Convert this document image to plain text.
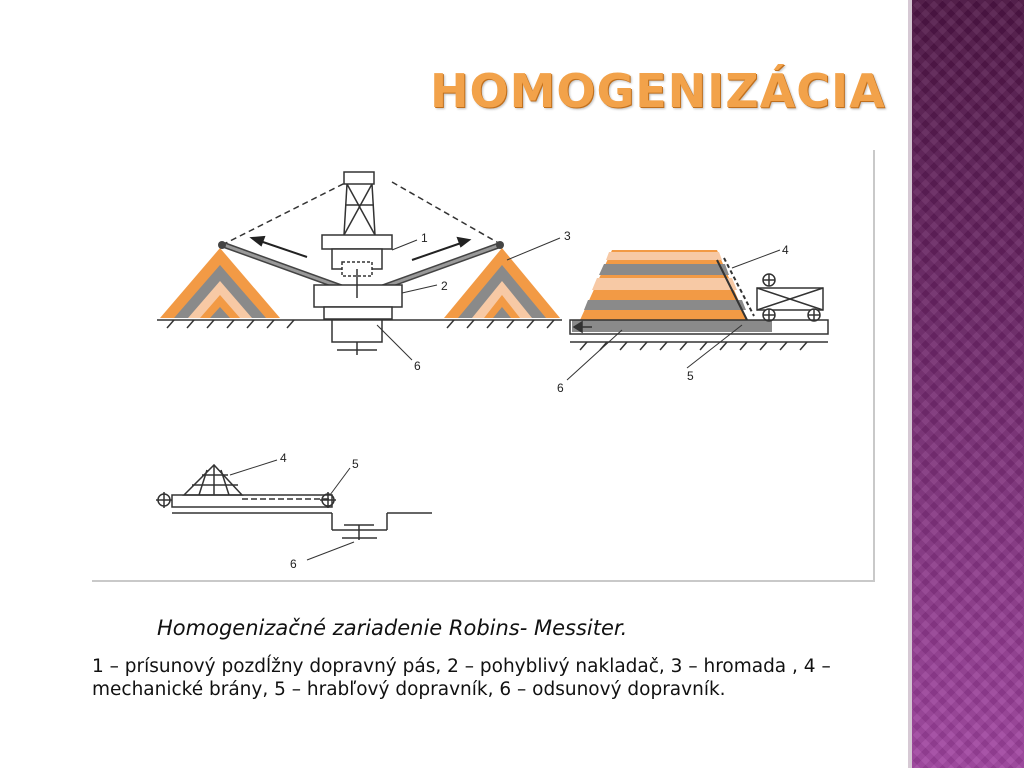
HOMOGENIZÁCIA
1
2
3
6
4
5
6
4	5
6
Homogenizačné zariadenie Robins- Messiter.
1 – prísunový pozdĺžny dopravný pás, 2 – pohyblivý nakladač, 3 – hromada , 4 – mechanické brány, 5 – hrabľový dopravník, 6 – odsunový dopravník.
